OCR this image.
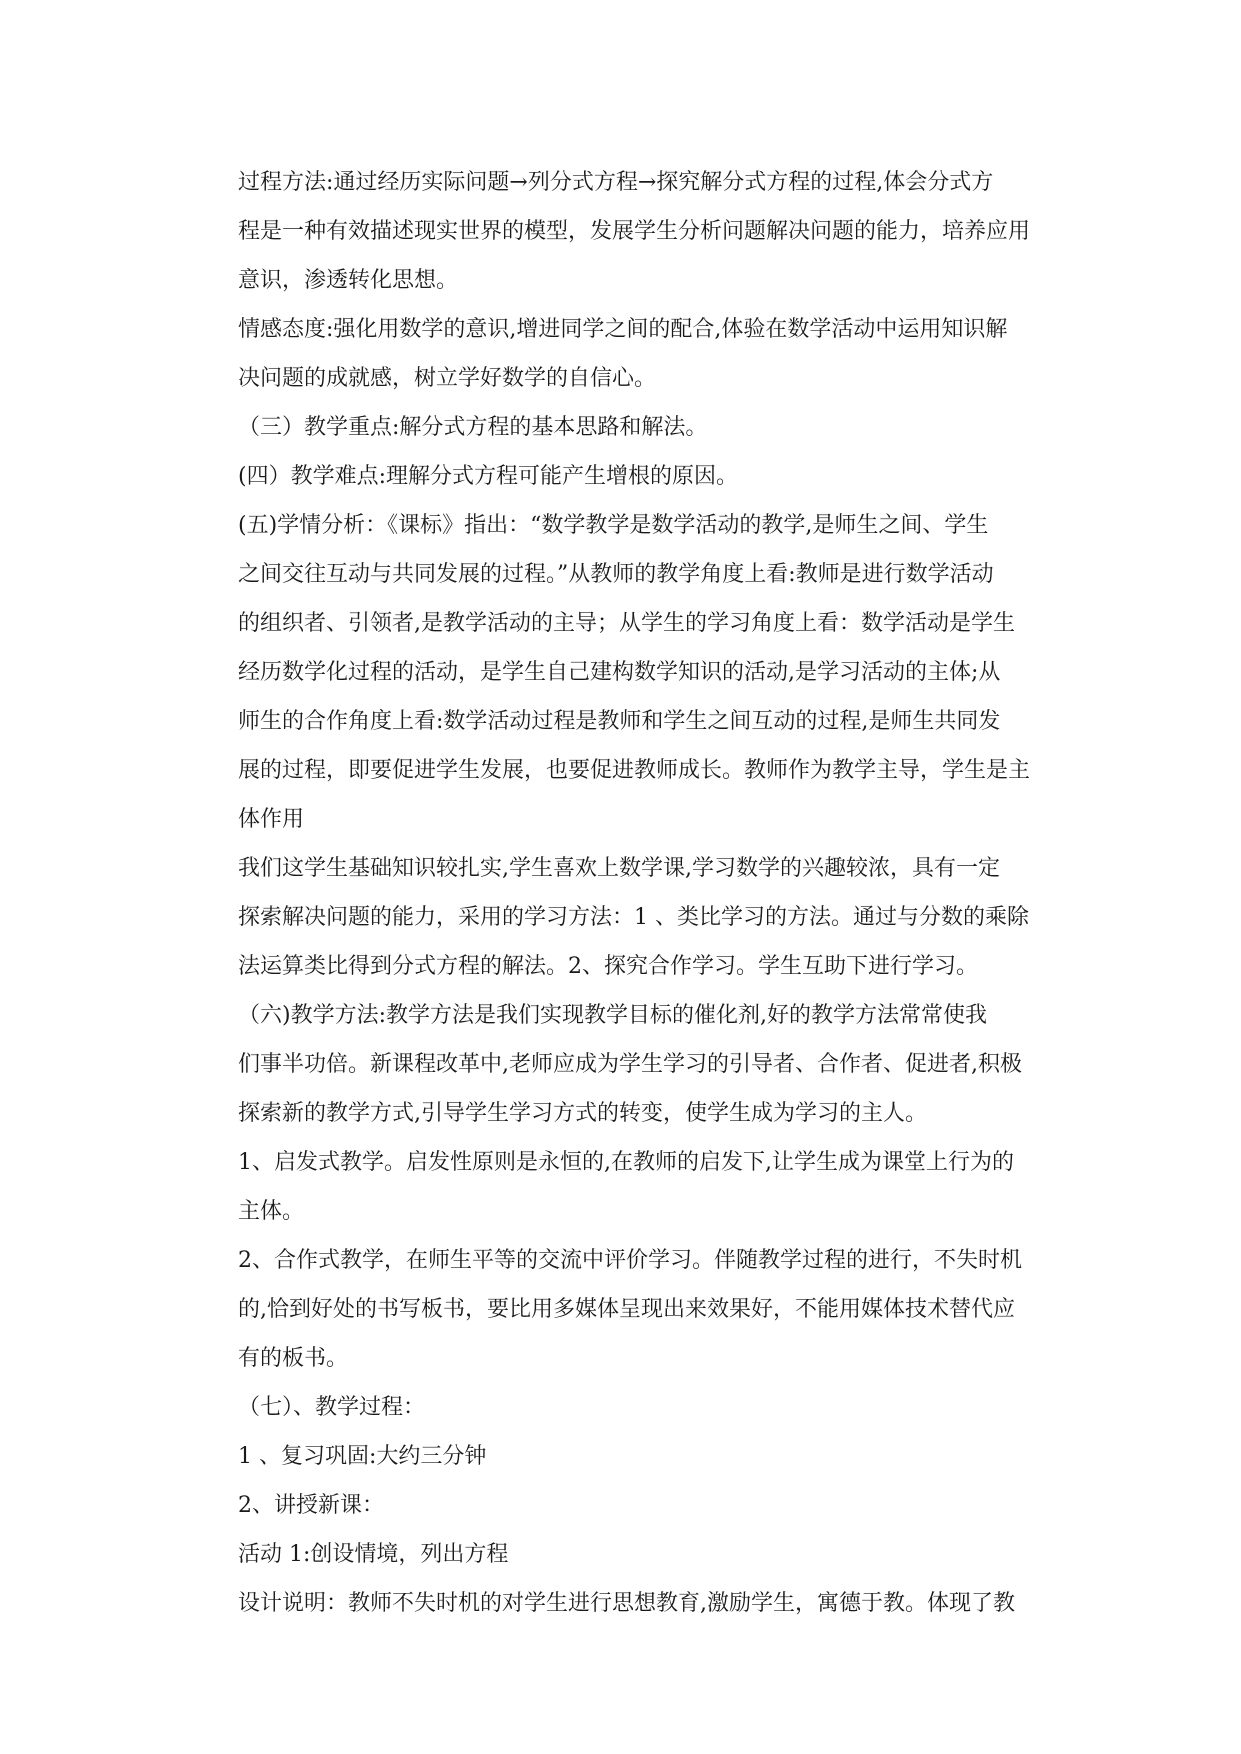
过程方法:通过经历实际问题→列分式方程→探究解分式方程的过程,体会分式方
程是一种有效描述现实世界的模型，发展学生分析问题解决问题的能力，培养应用
意识，渗透转化思想。
情感态度:强化用数学的意识,增进同学之间的配合,体验在数学活动中运用知识解
决问题的成就感，树立学好数学的自信心。
（三）教学重点:解分式方程的基本思路和解法。
(四）教学难点:理解分式方程可能产生增根的原因。
(五)学情分析：《课标》指出：“数学教学是数学活动的教学,是师生之间、学生
之间交往互动与共同发展的过程。”从教师的教学角度上看:教师是进行数学活动
的组织者、引领者,是教学活动的主导；从学生的学习角度上看：数学活动是学生
经历数学化过程的活动，是学生自己建构数学知识的活动,是学习活动的主体;从
师生的合作角度上看:数学活动过程是教师和学生之间互动的过程,是师生共同发
展的过程，即要促进学生发展，也要促进教师成长。教师作为教学主导，学生是主
体作用
我们这学生基础知识较扎实,学生喜欢上数学课,学习数学的兴趣较浓，具有一定
探索解决问题的能力，采用的学习方法：1 、类比学习的方法。通过与分数的乘除
法运算类比得到分式方程的解法。2、探究合作学习。学生互助下进行学习。
（六)教学方法:教学方法是我们实现教学目标的催化剂,好的教学方法常常使我
们事半功倍。新课程改革中,老师应成为学生学习的引导者、合作者、促进者,积极
探索新的教学方式,引导学生学习方式的转变，使学生成为学习的主人。
1、启发式教学。启发性原则是永恒的,在教师的启发下,让学生成为课堂上行为的
主体。
2、合作式教学，在师生平等的交流中评价学习。伴随教学过程的进行，不失时机
的,恰到好处的书写板书，要比用多媒体呈现出来效果好，不能用媒体技术替代应
有的板书。
（七）、教学过程：
1 、复习巩固:大约三分钟
2、讲授新课：
活动 1:创设情境，列出方程
设计说明：教师不失时机的对学生进行思想教育,激励学生，寓德于教。体现了教
